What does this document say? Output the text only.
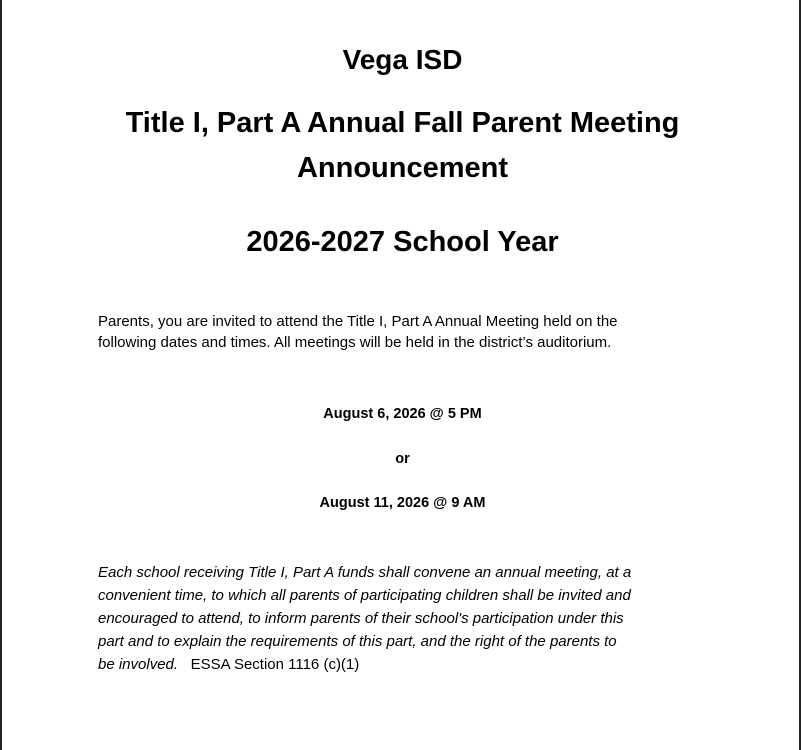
Vega ISD
Title I, Part A Annual Fall Parent Meeting
Announcement
2026-2027 School Year
Parents, you are invited to attend the Title I, Part A Annual Meeting held on the
following dates and times. All meetings will be held in the district’s auditorium.
August 6, 2026 @ 5 PM
or
August 11, 2026 @ 9 AM
Each school receiving Title I, Part A funds shall convene an annual meeting, at a
convenient time, to which all parents of participating children shall be invited and
encouraged to attend, to inform parents of their school's participation under this
part and to explain the requirements of this part, and the right of the parents to
be involved. ESSA Section 1116 (c)(1)
